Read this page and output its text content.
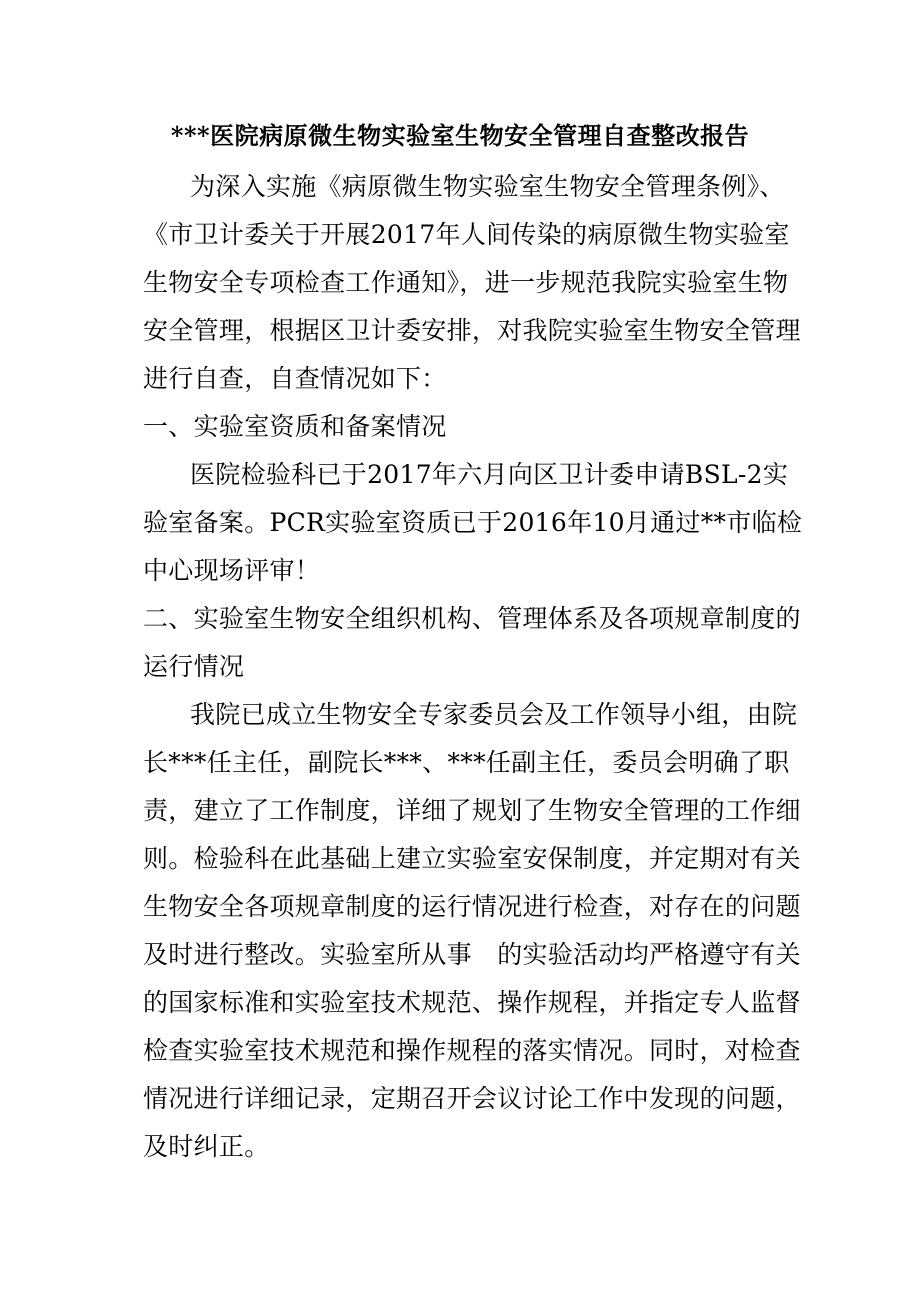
***医院病原微生物实验室生物安全管理自查整改报告
为深入实施《病原微生物实验室生物安全管理条例》、
《市卫计委关于开展2017年人间传染的病原微生物实验室
生物安全专项检查工作通知》，进一步规范我院实验室生物
安全管理，根据区卫计委安排，对我院实验室生物安全管理
进行自查，自查情况如下：
一、实验室资质和备案情况
医院检验科已于2017年六月向区卫计委申请BSL-2实
验室备案。PCR实验室资质已于2016年10月通过**市临检
中心现场评审！
二、实验室生物安全组织机构、管理体系及各项规章制度的
运行情况
我院已成立生物安全专家委员会及工作领导小组，由院
长***任主任，副院长***、***任副主任，委员会明确了职
责，建立了工作制度，详细了规划了生物安全管理的工作细
则。检验科在此基础上建立实验室安保制度，并定期对有关
生物安全各项规章制度的运行情况进行检查，对存在的问题
及时进行整改。实验室所从事　的实验活动均严格遵守有关
的国家标准和实验室技术规范、操作规程，并指定专人监督
检查实验室技术规范和操作规程的落实情况。同时，对检查
情况进行详细记录，定期召开会议讨论工作中发现的问题，
及时纠正。
